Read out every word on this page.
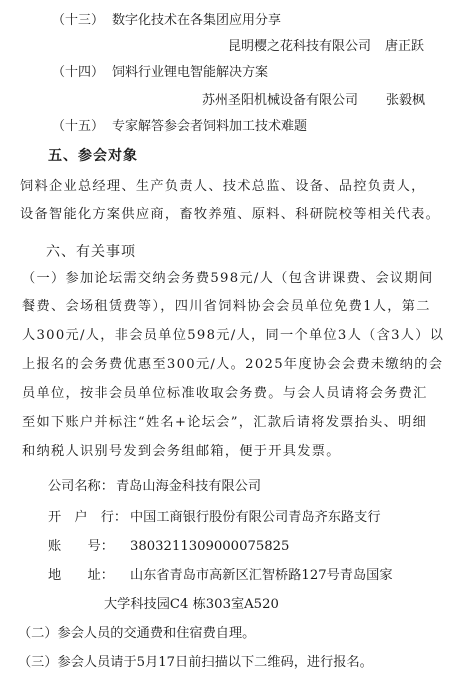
（十三） 数字化技术在各集团应用分享
昆明樱之花科技有限公司 唐正跃
（十四） 饲料行业锂电智能解决方案
苏州圣阳机械设备有限公司 张毅枫
（十五） 专家解答参会者饲料加工技术难题
五、参会对象
饲料企业总经理、生产负责人、技术总监、设备、品控负责人，
设备智能化方案供应商，畜牧养殖、原料、科研院校等相关代表。
六、有关事项
（一）参加论坛需交纳会务费598元/人（包含讲课费、会议期间
餐费、会场租赁费等），四川省饲料协会会员单位免费1人，第二
人300元/人，非会员单位598元/人，同一个单位3人（含3人）以
上报名的会务费优惠至300元/人。2025年度协会会费未缴纳的会
员单位，按非会员单位标准收取会务费。与会人员请将会务费汇
至如下账户并标注“姓名+论坛会”，汇款后请将发票抬头、明细
和纳税人识别号发到会务组邮箱，便于开具发票。
公司名称： 青岛山海金科技有限公司
开　户　行： 中国工商银行股份有限公司青岛齐东路支行
账　　号： 3803211309000075825
地　　址： 山东省青岛市高新区汇智桥路127号青岛国家
大学科技园C4 栋303室A520
（二）参会人员的交通费和住宿费自理。
（三）参会人员请于5月17日前扫描以下二维码，进行报名。
